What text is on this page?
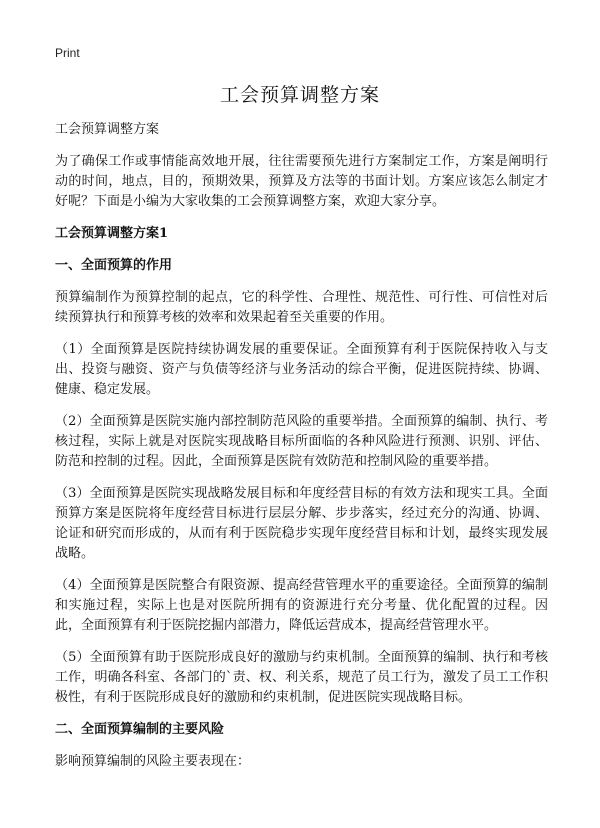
Print
工会预算调整方案

工会预算调整方案

为了确保工作或事情能高效地开展，往往需要预先进行方案制定工作，方案是阐明行动的时间，地点，目的，预期效果，预算及方法等的书面计划。方案应该怎么制定才好呢？下面是小编为大家收集的工会预算调整方案，欢迎大家分享。

工会预算调整方案1

一、全面预算的作用

预算编制作为预算控制的起点，它的科学性、合理性、规范性、可行性、可信性对后续预算执行和预算考核的效率和效果起着至关重要的作用。

（1）全面预算是医院持续协调发展的重要保证。全面预算有利于医院保持收入与支出、投资与融资、资产与负债等经济与业务活动的综合平衡，促进医院持续、协调、健康、稳定发展。

（2）全面预算是医院实施内部控制防范风险的重要举措。全面预算的编制、执行、考核过程，实际上就是对医院实现战略目标所面临的各种风险进行预测、识别、评估、防范和控制的过程。因此，全面预算是医院有效防范和控制风险的重要举措。

（3）全面预算是医院实现战略发展目标和年度经营目标的有效方法和现实工具。全面预算方案是医院将年度经营目标进行层层分解、步步落实，经过充分的沟通、协调、论证和研究而形成的，从而有利于医院稳步实现年度经营目标和计划，最终实现发展战略。

（4）全面预算是医院整合有限资源、提高经营管理水平的重要途径。全面预算的编制和实施过程，实际上也是对医院所拥有的资源进行充分考量、优化配置的过程。因此，全面预算有利于医院挖掘内部潜力，降低运营成本，提高经营管理水平。

（5）全面预算有助于医院形成良好的激励与约束机制。全面预算的编制、执行和考核工作，明确各科室、各部门的`责、权、利关系，规范了员工行为，激发了员工工作积极性，有利于医院形成良好的激励和约束机制，促进医院实现战略目标。

二、全面预算编制的主要风险

影响预算编制的风险主要表现在：
